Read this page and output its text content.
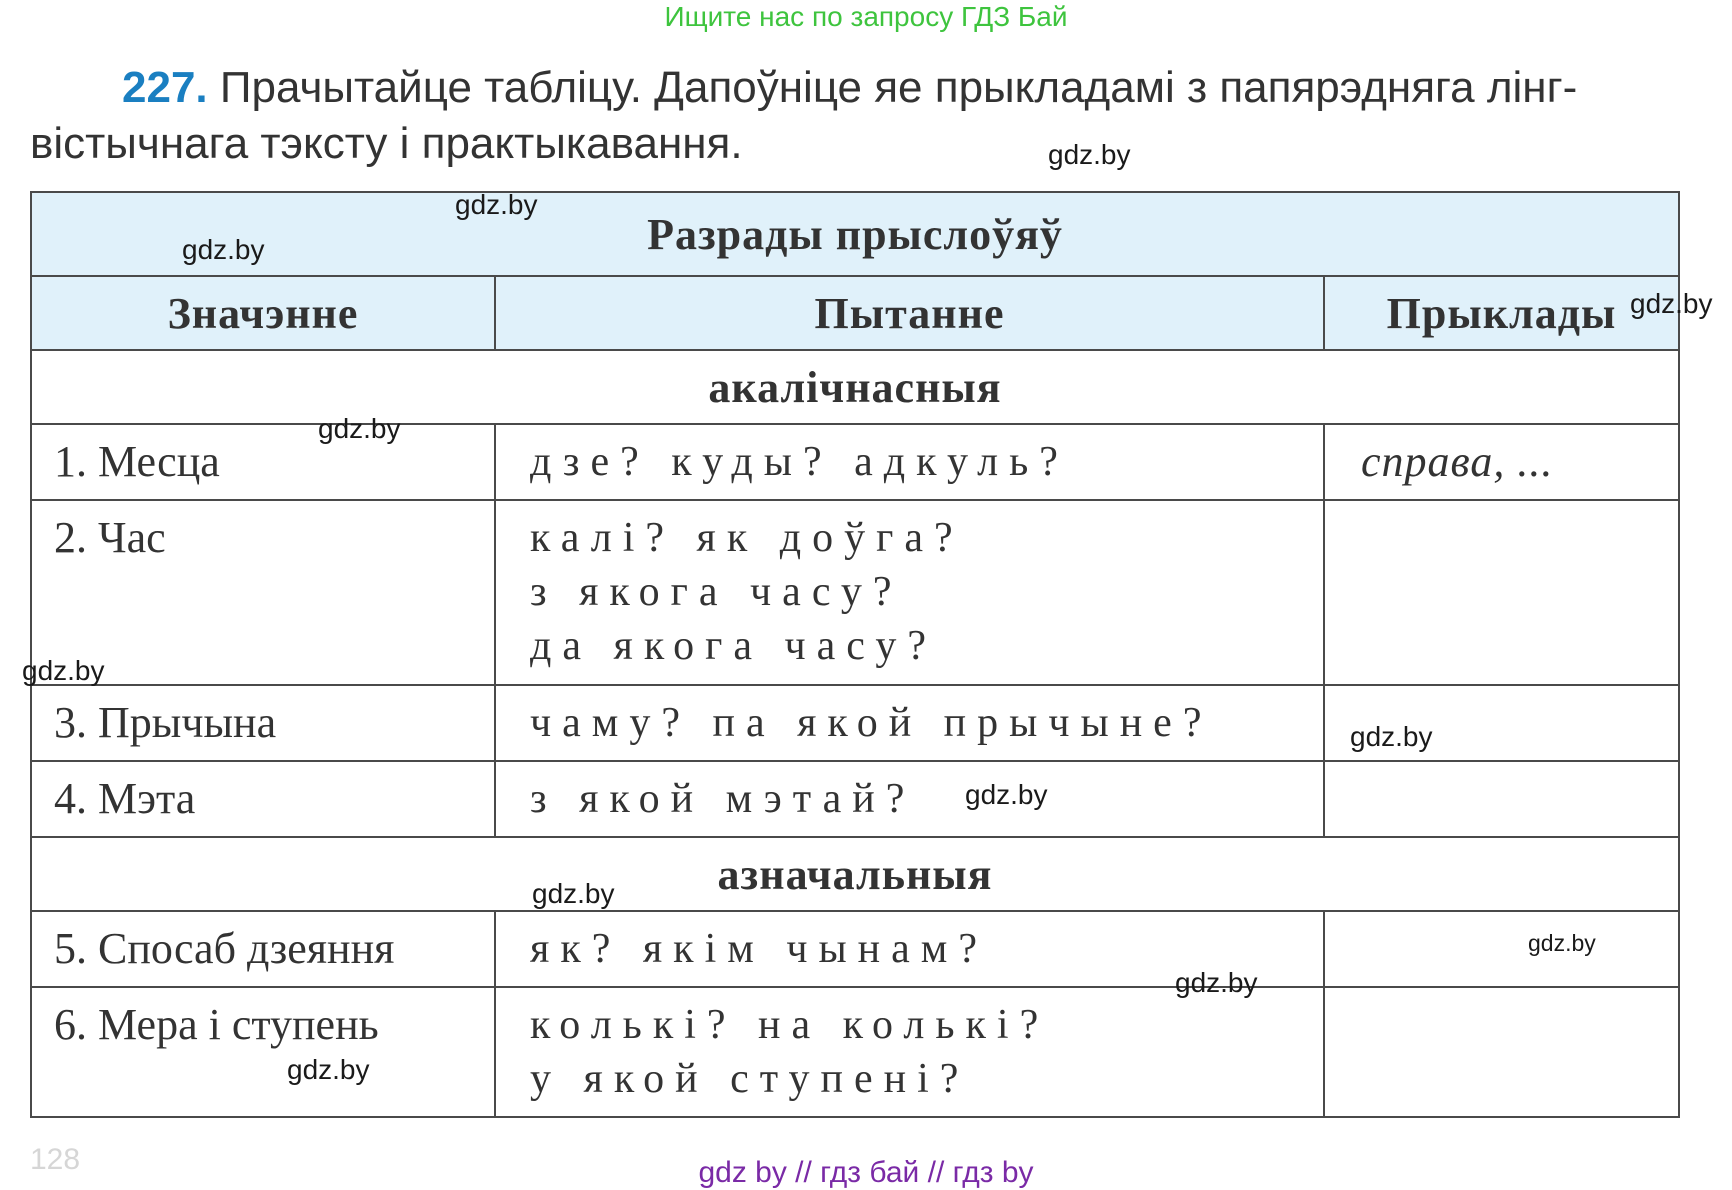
Ищите нас по запросу ГДЗ Бай
227. Прачытайце табліцу. Дапоўніце яе прыкладамі з папярэдняга лінг-
вістычнага тэксту і практыкавання.
Разрады прыслоўяў		
Значэнне	Пытанне	Прыклады
акалічнасныя		

1. Месца	дзе? куды? адкуль?	справа, ...

2. Час	калі? як доўга?
з якога часу?
да якога часу?	

3. Прычына	чаму? па якой прычыне?	

4. Мэта	з якой мэтай?	

азначальныя		

5. Спосаб дзеяння	як? якім чынам?	

6. Мера і ступень	колькі? на колькі?
у якой ступені?	

gdz.by
gdz.by
gdz.by
gdz.by
gdz.by
gdz.by
gdz.by
gdz.by
gdz.by
gdz.by
gdz.by
gdz.by
128	gdz by // гдз бай // гдз by
